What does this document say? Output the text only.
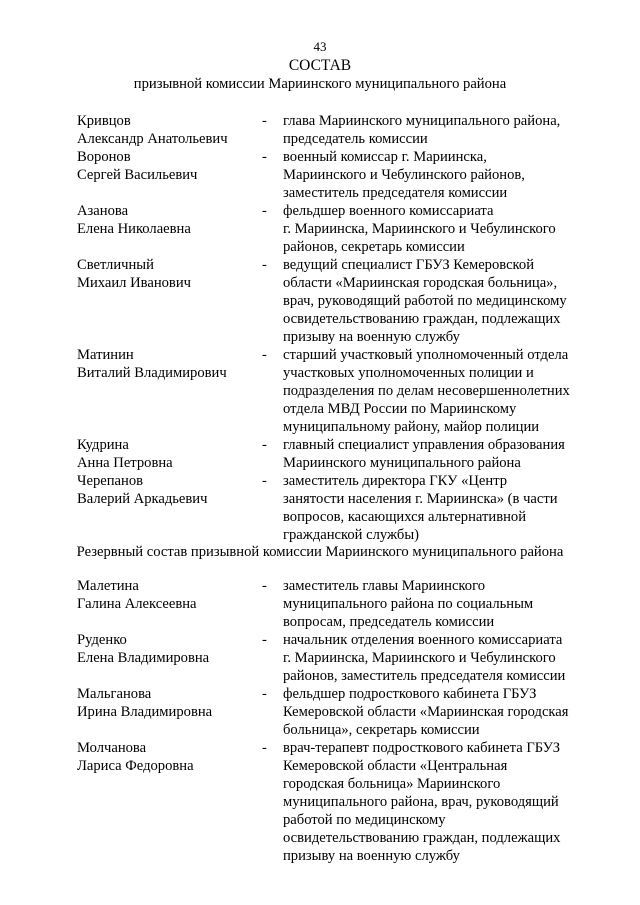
43
СОСТАВ
призывной комиссии Мариинского муниципального района
Кривцов
Александр Анатольевич
- глава Мариинского муниципального района,
председатель комиссии
Воронов
Сергей Васильевич
- военный комиссар г. Мариинска,
Мариинского и Чебулинского районов,
заместитель председателя комиссии
Азанова
Елена Николаевна
- фельдшер военного комиссариата
г. Мариинска, Мариинского и Чебулинского
районов, секретарь комиссии
Светличный
Михаил Иванович
- ведущий специалист ГБУЗ Кемеровской
области «Мариинская городская больница»,
врач, руководящий работой по медицинскому
освидетельствованию граждан, подлежащих
призыву на военную службу
Матинин
Виталий Владимирович
- старший участковый уполномоченный отдела
участковых уполномоченных полиции и
подразделения по делам несовершеннолетних
отдела МВД России по Мариинскому
муниципальному району, майор полиции
Кудрина
Анна Петровна
- главный специалист управления образования
Мариинского муниципального района
Черепанов
Валерий Аркадьевич
- заместитель директора ГКУ «Центр
занятости населения г. Мариинска» (в части
вопросов, касающихся альтернативной
гражданской службы)
Резервный состав призывной комиссии Мариинского муниципального района
Малетина
Галина Алексеевна
- заместитель главы Мариинского
муниципального района по социальным
вопросам, председатель комиссии
Руденко
Елена Владимировна
- начальник отделения военного комиссариата
г. Мариинска, Мариинского и Чебулинского
районов, заместитель председателя комиссии
Мальганова
Ирина Владимировна
- фельдшер подросткового кабинета ГБУЗ
Кемеровской области «Мариинская городская
больница», секретарь комиссии
Молчанова
Лариса Федоровна
- врач-терапевт подросткового кабинета ГБУЗ
Кемеровской области «Центральная
городская больница» Мариинского
муниципального района, врач, руководящий
работой по медицинскому
освидетельствованию граждан, подлежащих
призыву на военную службу
